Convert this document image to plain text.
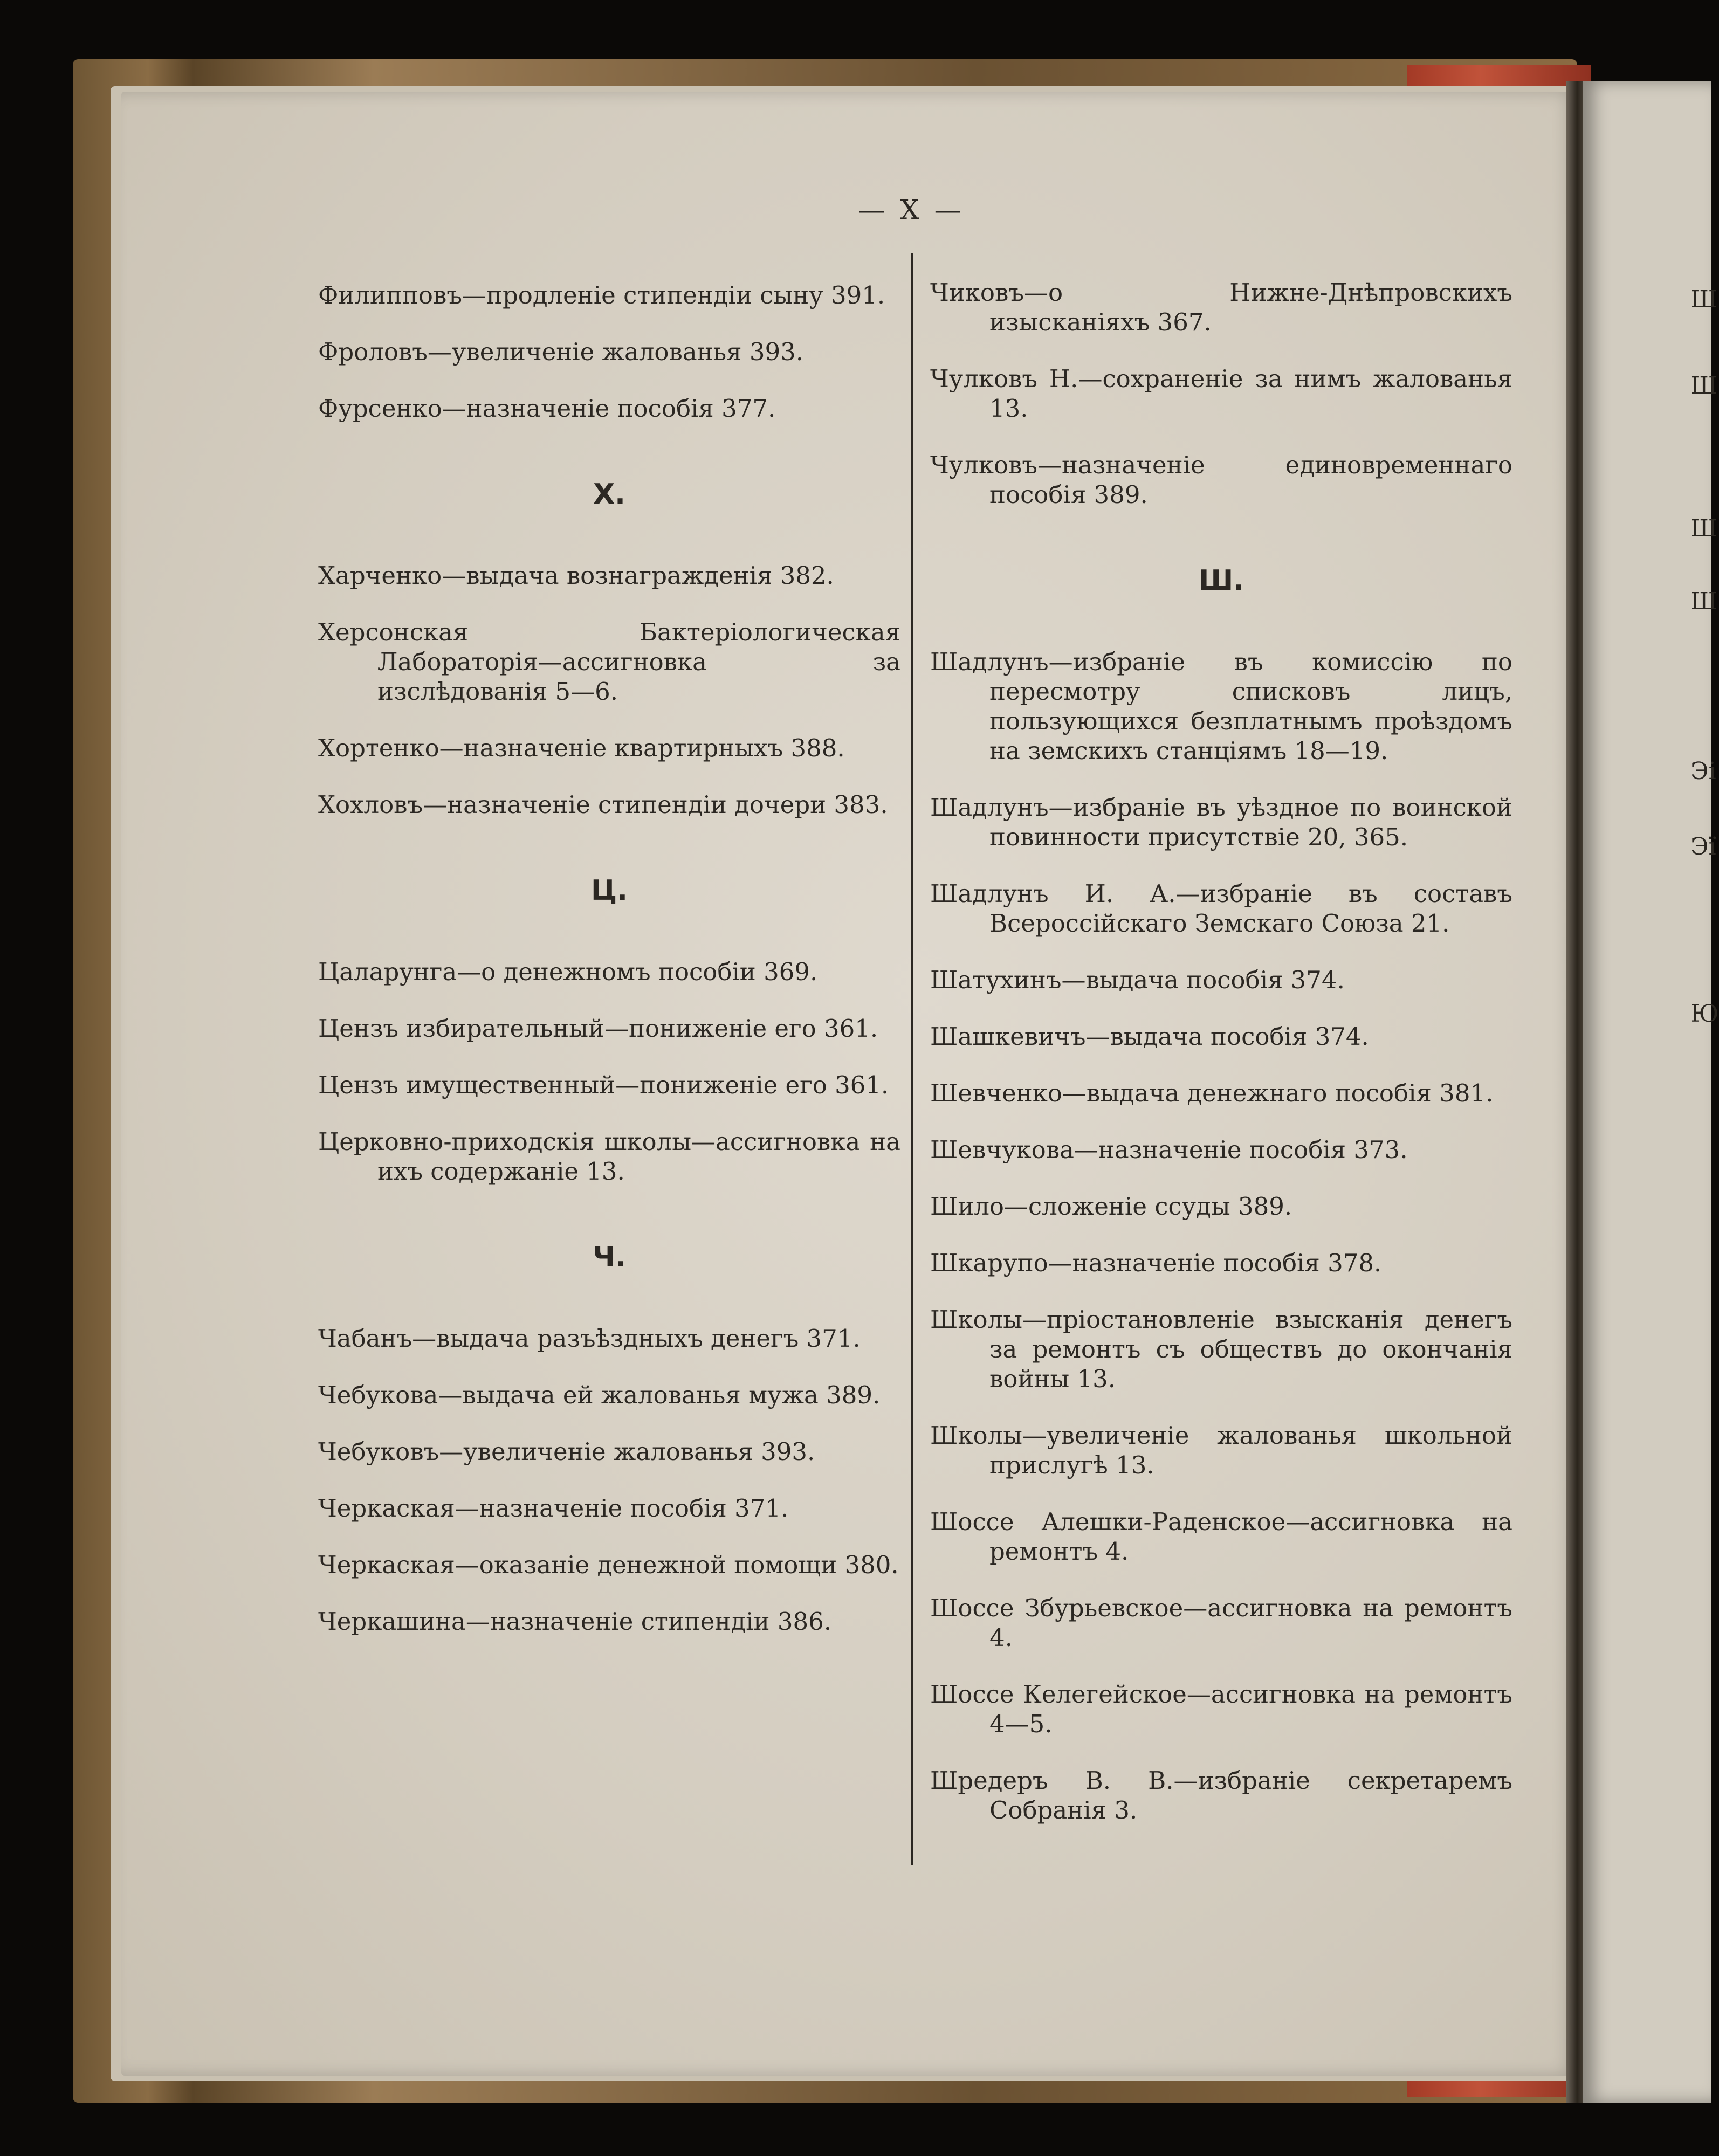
Ш
Ш
Ш
Ш
Эі
Эї
Ю
— X —

Филипповъ—продленіе стипендіи сыну 391.

Фроловъ—увеличеніе жалованья 393.

Фурсенко—назначеніе пособія 377.

Х.

Харченко—выдача вознагражденія 382.

Херсонская Бактеріологическая Лабораторія—ассигновка за изслѣдованія 5—6.

Хортенко—назначеніе квартирныхъ 388.

Хохловъ—назначеніе стипендіи дочери 383.

Ц.

Цаларунга—о денежномъ пособіи 369.

Цензъ избирательный—пониженіе его 361.

Цензъ имущественный—пониженіе его 361.

Церковно-приходскія школы—ассигновка на ихъ содержаніе 13.

Ч.

Чабанъ—выдача разъѣздныхъ денегъ 371.

Чебукова—выдача ей жалованья мужа 389.

Чебуковъ—увеличеніе жалованья 393.

Черкаская—назначеніе пособія 371.

Черкаская—оказаніе денежной помощи 380.

Черкашина—назначеніе стипендіи 386.

Чиковъ—о Нижне-Днѣпровскихъ изысканіяхъ 367.

Чулковъ Н.—сохраненіе за нимъ жалованья 13.

Чулковъ—назначеніе единовременнаго пособія 389.

Ш.

Шадлунъ—избраніе въ комиссію по пересмотру списковъ лицъ, пользующихся безплатнымъ проѣздомъ на земскихъ станціямъ 18—19.

Шадлунъ—избраніе въ уѣздное по воинской повинности присутствіе 20, 365.

Шадлунъ И. А.—избраніе въ составъ Всероссійскаго Земскаго Союза 21.

Шатухинъ—выдача пособія 374.

Шашкевичъ—выдача пособія 374.

Шевченко—выдача денежнаго пособія 381.

Шевчукова—назначеніе пособія 373.

Шило—сложеніе ссуды 389.

Шкарупо—назначеніе пособія 378.

Школы—пріостановленіе взысканія денегъ за ремонтъ съ обществъ до окончанія войны 13.

Школы—увеличеніе жалованья школьной прислугѣ 13.

Шоссе Алешки-Раденское—ассигновка на ремонтъ 4.

Шоссе Збурьевское—ассигновка на ремонтъ 4.

Шоссе Келегейское—ассигновка на ремонтъ 4—5.

Шредеръ В. В.—избраніе секретаремъ Собранія 3.
